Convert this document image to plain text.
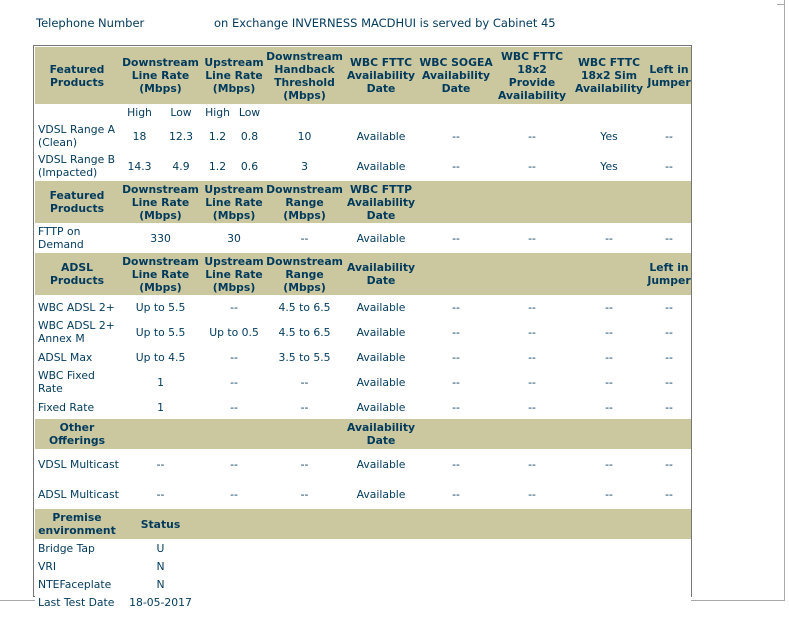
Telephone Number	on Exchange INVERNESS MACDHUI is served by Cabinet 45
Featured Products	Downstream Line Rate (Mbps)		Upstream Line Rate (Mbps)		Downstream Handback Threshold (Mbps)	WBC FTTC Availability Date	WBC SOGEA Availability Date	WBC FTTC 18x2 Provide Availability	WBC FTTC 18x2 Sim Availability	Left in Jumper
	High	Low	High	Low						
VDSL Range A (Clean)	18	12.3	1.2	0.8	10	Available	--	--	Yes	--
VDSL Range B (Impacted)	14.3	4.9	1.2	0.6	3	Available	--	--	Yes	--
Featured Products	Downstream Line Rate (Mbps)		Upstream Line Rate (Mbps)		Downstream Range (Mbps)	WBC FTTP Availability Date				
FTTP on Demand	330		30		--	Available	--	--	--	--
ADSL Products	Downstream Line Rate (Mbps)		Upstream Line Rate (Mbps)		Downstream Range (Mbps)	Availability Date				Left in Jumper
WBC ADSL 2+	Up to 5.5		--		4.5 to 6.5	Available	--	--	--	--
WBC ADSL 2+ Annex M	Up to 5.5		Up to 0.5		4.5 to 6.5	Available	--	--	--	--
ADSL Max	Up to 4.5		--		3.5 to 5.5	Available	--	--	--	--
WBC Fixed Rate	1		--		--	Available	--	--	--	--
Fixed Rate	1		--		--	Available	--	--	--	--
Other Offerings						Availability Date				
VDSL Multicast	--		--		--	Available	--	--	--	--
ADSL Multicast	--		--		--	Available	--	--	--	--
Premise environment	Status									
Bridge Tap	U									
VRI	N									
NTEFaceplate	N									
Last Test Date	18-05-2017									
